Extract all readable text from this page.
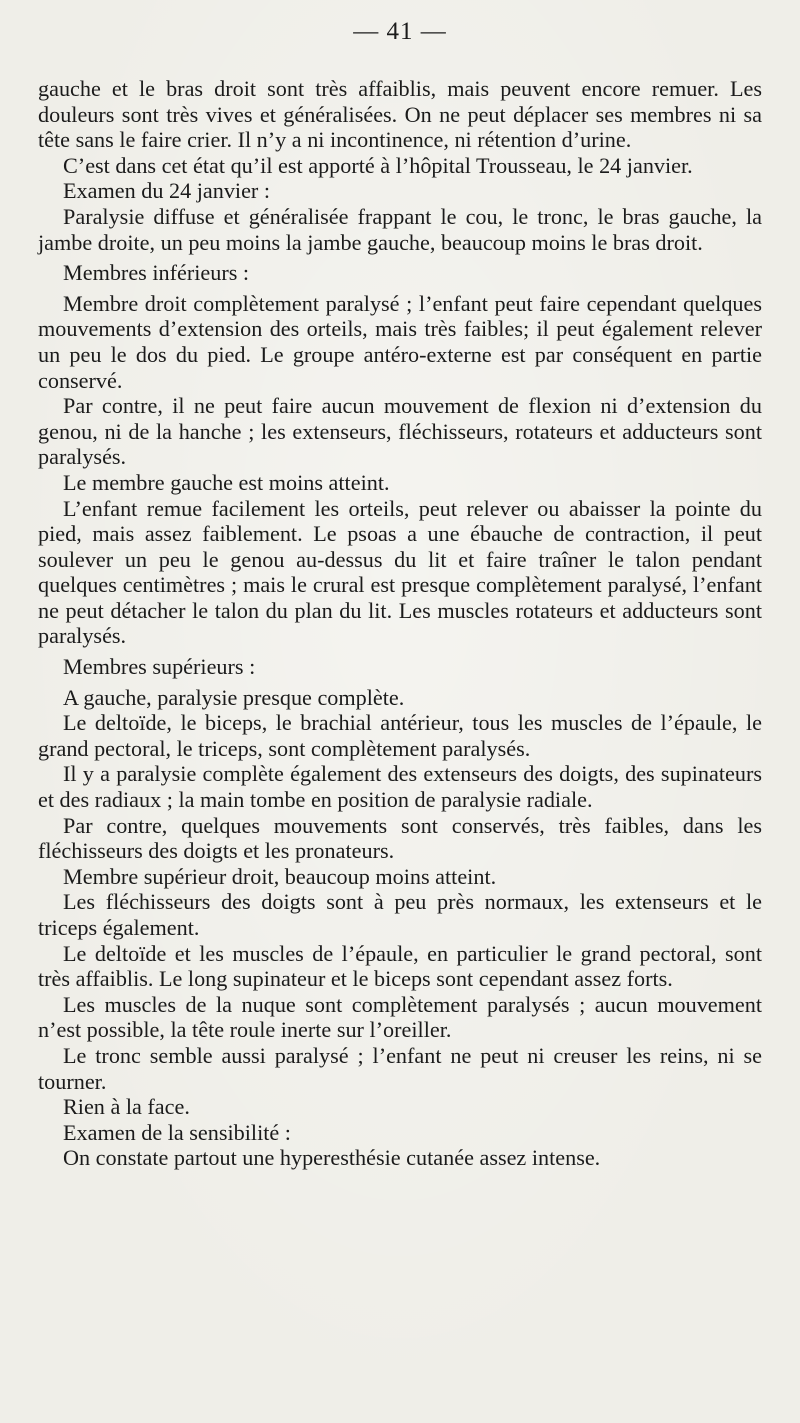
— 41 —

gauche et le bras droit sont très affaiblis, mais peuvent encore remuer. Les douleurs sont très vives et généralisées. On ne peut déplacer ses membres ni sa tête sans le faire crier. Il n’y a ni incontinence, ni rétention d’urine.

C’est dans cet état qu’il est apporté à l’hôpital Trousseau, le 24 janvier.

Examen du 24 janvier :

Paralysie diffuse et généralisée frappant le cou, le tronc, le bras gauche, la jambe droite, un peu moins la jambe gauche, beaucoup moins le bras droit.

Membres inférieurs :

Membre droit complètement paralysé ; l’enfant peut faire cependant quelques mouvements d’extension des orteils, mais très faibles; il peut également relever un peu le dos du pied. Le groupe antéro-externe est par conséquent en partie conservé.

Par contre, il ne peut faire aucun mouvement de flexion ni d’extension du genou, ni de la hanche ; les extenseurs, fléchisseurs, rotateurs et adducteurs sont paralysés.

Le membre gauche est moins atteint.

L’enfant remue facilement les orteils, peut relever ou abaisser la pointe du pied, mais assez faiblement. Le psoas a une ébauche de contraction, il peut soulever un peu le genou au-dessus du lit et faire traîner le talon pendant quelques centimètres ; mais le crural est presque complètement paralysé, l’enfant ne peut détacher le talon du plan du lit. Les muscles rotateurs et adducteurs sont paralysés.

Membres supérieurs :

A gauche, paralysie presque complète.

Le deltoïde, le biceps, le brachial antérieur, tous les muscles de l’épaule, le grand pectoral, le triceps, sont complètement paralysés.

Il y a paralysie complète également des extenseurs des doigts, des supinateurs et des radiaux ; la main tombe en position de paralysie radiale.

Par contre, quelques mouvements sont conservés, très faibles, dans les fléchisseurs des doigts et les pronateurs.

Membre supérieur droit, beaucoup moins atteint.

Les fléchisseurs des doigts sont à peu près normaux, les extenseurs et le triceps également.

Le deltoïde et les muscles de l’épaule, en particulier le grand pectoral, sont très affaiblis. Le long supinateur et le biceps sont cependant assez forts.

Les muscles de la nuque sont complètement paralysés ; aucun mouvement n’est possible, la tête roule inerte sur l’oreiller.

Le tronc semble aussi paralysé ; l’enfant ne peut ni creuser les reins, ni se tourner.

Rien à la face.

Examen de la sensibilité :

On constate partout une hyperesthésie cutanée assez intense.
